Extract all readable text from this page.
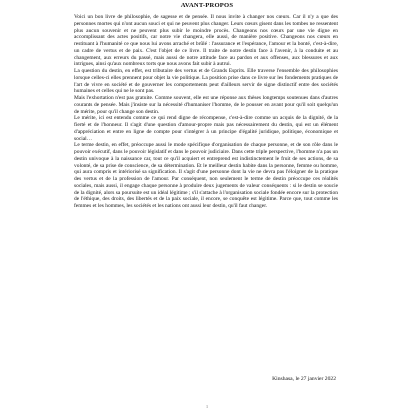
AVANT-PROPOS

Voici un bon livre de philosophie, de sagesse et de pensée. Il nous invite à changer nos cœurs. Car il n'y a que des personnes mortes qui n'ont aucun souci et qui ne peuvent plus changer. Leurs cœurs gisent dans les tombes ne ressentent plus aucun souvenir et ne peuvent plus subir le moindre procès. Changeons nos cœurs par une vie digne en accomplissant des actes positifs, car notre vie changera, elle aussi, de manière positive. Changeons nos cœurs en restituant à l'humanité ce que nous lui avons arraché et brûlé : l'assurance et l'espérance, l'amour et la bonté, c'est-à-dire, un cadre de vertus et de paix. C'est l'objet de ce livre. Il traite de notre destin face à l'avenir, à la conduite et au changement, aux erreurs du passé, mais aussi de notre attitude face au pardon et aux offenses, aux blessures et aux intrigues, ainsi qu'aux nombreux torts que nous avons fait subir à autrui.

La question du destin, en effet, est tributaire des vertus et de Grands Esprits. Elle traverse l'ensemble des philosophies lorsque celles-ci elles prennent pour objet la vie politique. La position prise dans ce livre sur les fondements pratiques de l'art de vivre en société et de gouverner les comportements peut d'ailleurs servir de signe distinctif entre des sociétés humaines et celles qui ne le sont pas.

Mais l'exhortation n'est pas gratuite. Comme souvent, elle est une réponse aux thèses longtemps soutenues dans d'autres courants de pensée. Mais j'insiste sur la nécessité d'humaniser l'homme, de le pousser en avant pour qu'il soit quelqu'un de mérite, pour qu'il change son destin.

Le mérite, ici est entendu comme ce qui rend digne de récompense, c'est-à-dire comme un acquis de la dignité, de la fierté et de l'honneur. Il s'agit d'une question d'amour-propre mais pas nécessairement du destin, qui est un élément d'appréciation et entre en ligne de compte pour s'intégrer à un principe d'égalité juridique, politique, économique et social…

Le terme destin, en effet, préoccupe aussi le mode spécifique d'organisation de chaque personne, et de son rôle dans le pouvoir exécutif, dans le pouvoir législatif et dans le pouvoir judiciaire. Dans cette triple perspective, l'homme n'a pas un destin univoque à la naissance car, tout ce qu'il acquiert et entreprend est indistinctement le fruit de ses actions, de sa volonté, de sa prise de conscience, de sa détermination. Et le meilleur destin habite dans la personne, femme ou homme, qui aura compris et intériorisé sa signification. Il s'agit d'une personne dont la vie ne devra pas l'éloigner de la pratique des vertus et de la profession de l'amour. Par conséquent, non seulement le terme de destin préoccupe ces réalités sociales, mais aussi, il engage chaque personne à produire deux jugements de valeur conséquents : si le destin se soucie de la dignité, alors sa poursuite est un idéal légitime ; s'il s'attache à l'organisation sociale fondée encore sur la protection de l'éthique, des droits, des libertés et de la paix sociale, il encore, se conquête est légitime. Parce que, tout comme les femmes et les hommes, les sociétés et les nations ont aussi leur destin, qu'il faut changer.

Kinshasa, le 27 janvier 2022
1
